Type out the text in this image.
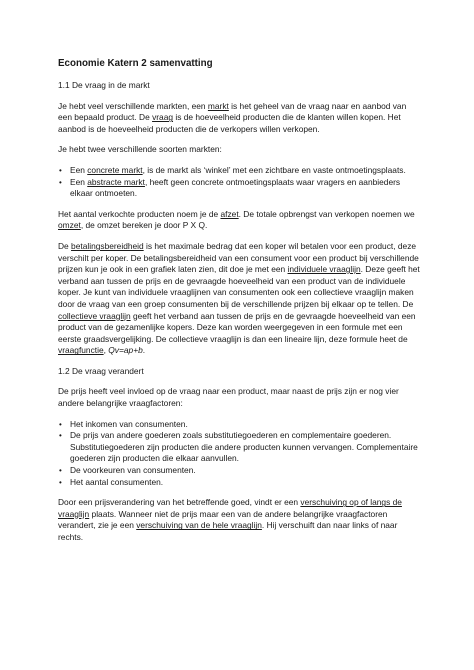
Economie Katern 2 samenvatting

1.1 De vraag in de markt

Je hebt veel verschillende markten, een markt is het geheel van de vraag naar en aanbod van een bepaald product. De vraag is de hoeveelheid producten die de klanten willen kopen. Het aanbod is de hoeveelheid producten die de verkopers willen verkopen.

Je hebt twee verschillende soorten markten:

• Een concrete markt, is de markt als ‘winkel’ met een zichtbare en vaste ontmoetingsplaats.
• Een abstracte markt, heeft geen concrete ontmoetingsplaats waar vragers en aanbieders elkaar ontmoeten.

Het aantal verkochte producten noem je de afzet. De totale opbrengst van verkopen noemen we omzet, de omzet bereken je door P X Q.

De betalingsbereidheid is het maximale bedrag dat een koper wil betalen voor een product, deze verschilt per koper. De betalingsbereidheid van een consument voor een product bij verschillende prijzen kun je ook in een grafiek laten zien, dit doe je met een individuele vraaglijn. Deze geeft het verband aan tussen de prijs en de gevraagde hoeveelheid van een product van de individuele koper. Je kunt van individuele vraaglijnen van consumenten ook een collectieve vraaglijn maken door de vraag van een groep consumenten bij de verschillende prijzen bij elkaar op te tellen. De collectieve vraaglijn geeft het verband aan tussen de prijs en de gevraagde hoeveelheid van een product van de gezamenlijke kopers. Deze kan worden weergegeven in een formule met een eerste graadsvergelijking. De collectieve vraaglijn is dan een lineaire lijn, deze formule heet de vraagfunctie, Qv=ap+b.

1.2 De vraag verandert

De prijs heeft veel invloed op de vraag naar een product, maar naast de prijs zijn er nog vier andere belangrijke vraagfactoren:

• Het inkomen van consumenten.
• De prijs van andere goederen zoals substitutiegoederen en complementaire goederen. Substitutiegoederen zijn producten die andere producten kunnen vervangen. Complementaire goederen zijn producten die elkaar aanvullen.
• De voorkeuren van consumenten.
• Het aantal consumenten.

Door een prijsverandering van het betreffende goed, vindt er een verschuiving op of langs de vraaglijn plaats. Wanneer niet de prijs maar een van de andere belangrijke vraagfactoren verandert, zie je een verschuiving van de hele vraaglijn. Hij verschuift dan naar links of naar rechts.
